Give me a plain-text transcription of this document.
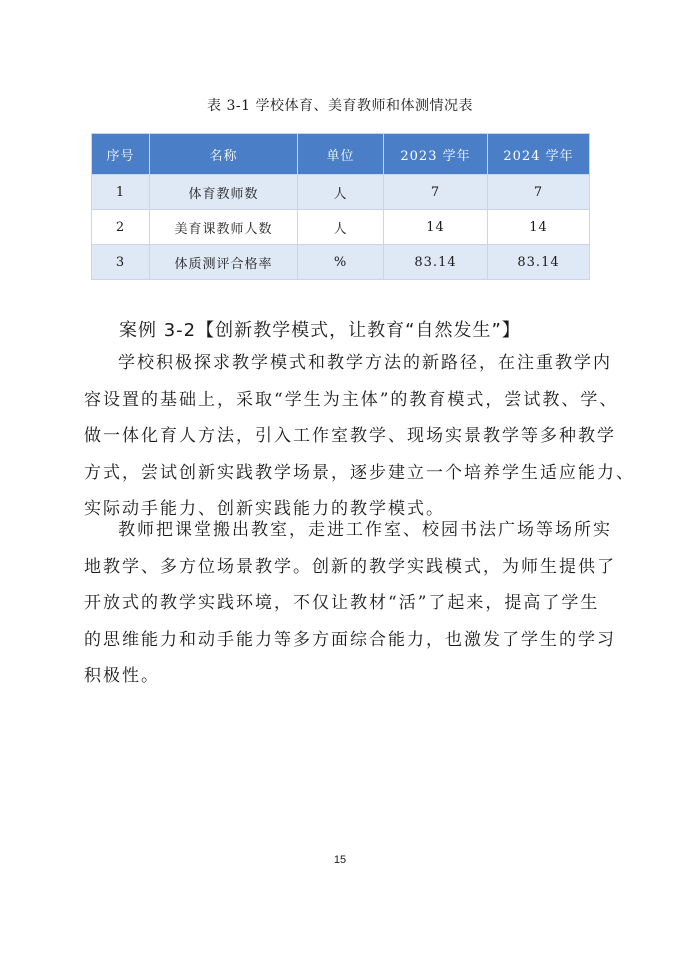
表 3-1 学校体育、美育教师和体测情况表
序号	名称	单位	2023 学年	2024 学年
1	体育教师数	人	7	7
2	美育课教师人数	人	14	14
3	体质测评合格率	%	83.14	83.14
案例 3-2【创新教学模式，让教育“自然发生”】
学校积极探求教学模式和教学方法的新路径，在注重教学内
容设置的基础上，采取“学生为主体”的教育模式，尝试教、学、
做一体化育人方法，引入工作室教学、现场实景教学等多种教学
方式，尝试创新实践教学场景，逐步建立一个培养学生适应能力、
实际动手能力、创新实践能力的教学模式。
教师把课堂搬出教室，走进工作室、校园书法广场等场所实
地教学、多方位场景教学。创新的教学实践模式，为师生提供了
开放式的教学实践环境，不仅让教材“活”了起来，提高了学生
的思维能力和动手能力等多方面综合能力，也激发了学生的学习
积极性。
15
